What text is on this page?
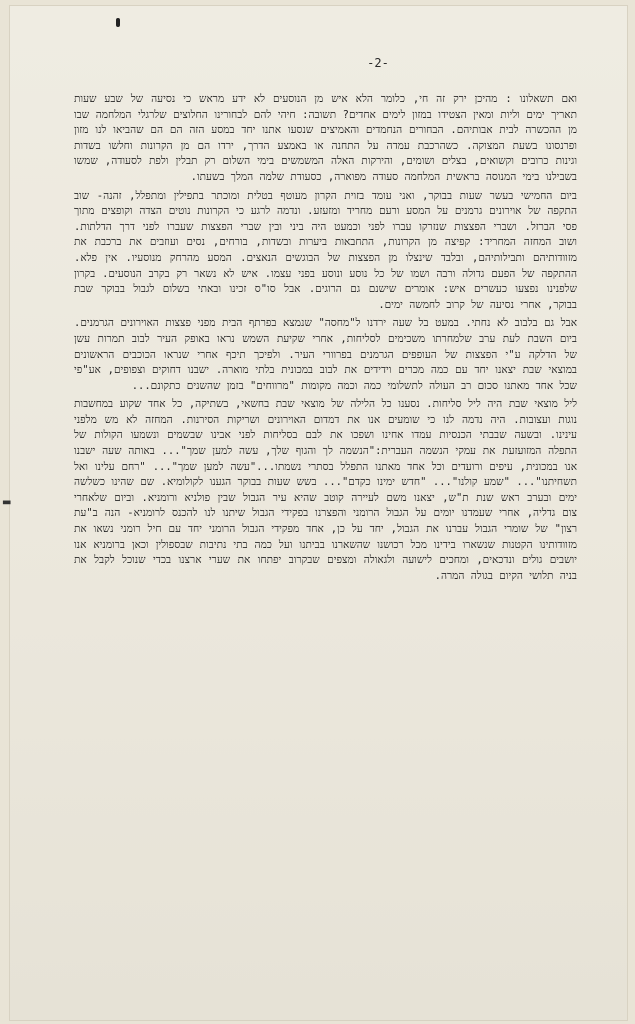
-2-

ואם תשאלונו : מהיכן ירק זה חי, כלומר הלא איש מן הנוסעים לא ידע מראש כי נסיעה של שבע שעות תאריך ימים וליות ומאין הצטידו במזון לימים אחדים? תשובה: חיהי להם לבחורינו החלוצים שלרגלי המלחמה שבו מן ההכשרה לבית אבותיהם. הבחורים הנחמדים והאמיצים שנסעו אתנו יחד במסע הזה הם הם שהביאו לנו מזון ופרנסונו בשעת המצוקה. כשהרכבת עמדה על התחנה או באמצע הדרך, ירדו הם מן הקרונות וחלשו בשדות וגינות כרובים וקשואים, בצלים ושומים, והירקות האלה המשמשים בימי השלום רק תבלין ולפת לסעודה, שמשו בשבילנו בימי המנוסה בראשית המלחמה סעודה מפוארה, כסעודת שלמה המלך בשעתו.

ביום החמישי בעשר שעות בבוקר, ואני עומד בזוית הקרון מעוטף בטלית ומוכתר בתפילין ומתפלל, זהנה- שוב התקפה של אוירונים גרמנים על המסע ורעם מחריד ומזעזע. ונדמה לרגע כי הקרונות נוטים הצדה וקופצים מתוך פסי הברזל. ושברי הפצצות שנזרקו עברו לפני וכמעט היה ביני ובין שברי הפצצות שעברו לפני דרך הדלתות. ושוב המחזה המחריד: קפיצה מן הקרונות, התחבאות ביערות ובשדות, בורחים, נסים ועוזבים את ברכבת את מזוודותיהם ותבילותיהם, ובלבד שינצלו מן הפצצות של הבוגשים הנאצים. המסע מהרחק מנוסעיו. אין פלא. ההתקפה של הפעם גדולה ורבה ושמו של כל נוסע ונוסע בפני עצמו. איש לא נשאר רק בקרב הנוסעים. בקרון שלפנינו נפצעו כעשרים איש: אומרים שישנם גם הרוגים. אבל סו"ס זכינו ובאתי בשלום לגבול בבוקר שבת בבוקר, אחרי נסיעה של קרוב לחמשה ימים.

אבל גם בלבוב לא נחתי. במעט בל שעה ירדנו ל"מחסה" שנמצא בפרתף הבית מפני פצצות האוירונים הגרמנים. ביום השבת לעת ערב שלמחרתו משכימים לסליחות, אחרי שקיעת השמש נראו באופק העיר לבוב תמרות עשן של הדלקה ע"י הפצצות של העופפים הגרמנים בפרוורי העיר. ולפיכך תיכף אחרי שנראו הכוכבים הראשונים במוצאי שבת יצאנו יחד עם כמה מכרים וידידים את לבוב במכונית בלתי מוארה. ישבנו דחוקים וצפופים, אע"פי שכל אחד מאתנו סכום רב העולה לתשלומי כמה וכמה מקומות "מרווחים" בזמן שהשנים כתקונם...

ליל מוצאי שבת היה ליל סליחות. נסענו כל הלילה של מוצאי שבת בחשאי, בשתיקה, כל אחד שקוע במחשבות נוגות ועצובות. היה נדמה לנו כי שומעים אנו את דמדום האוירונים ושריקות הסירנות. המחזה לא מש מלפני עינינו. ובשעה שבבתי הכנסיות עמדו אחינו ושפכו את לבם בסליחות לפני אבינו שבשמים ונשמעו הקולות של התפלה המזועזעת את עמקי הנשמה העברית:"הנשמה לך והגוף שלך, עשה למען שמך"... באותה שעה ישבנו אנו במכונית, עיפים ורועדים וכל אחד מאתנו התפלל בסתרי נשמתו..."עשה למען שמך"... "רחם עלינו ואל תשחיתנו"... "שמע קולנו"... "חדש ימינו כקדם"... בשש שעות בבוקר הגענו לקולומיא. שם שהינו כשלשה ימים ובערב ראש שנת ת"ש, יצאנו משם לעיירה קוטב שהיא עיר הגבול שבין פולניא ורומניא. וביום שלאחרי צום גדליה, אחרי שעמדנו יומים על הגבול הרומני והפצרנו בפקידי הגבול שיתנו לנו להכנס לרומניא- הנה ב"עת רצון" של שומרי הגבול עברנו את הגבול, יחד על כן, אחד מפקידי הגבול הרומני יחד עם חיל רומני נשאו את מזוודותינו הקטנות שנשארו בידינו מכל רכושנו שהשארנו בביתנו ועל כמה בתי נתיבות שבספולין וכאן ברומניא אנו יושבים גולים ונדכאים, ומחכים לישועה ולגאולה ומצפים שבקרוב יפתחו את שערי ארצנו בכדי שנוכל לקבל את בניה תלושי הקיום בגולה המרה.

▬
